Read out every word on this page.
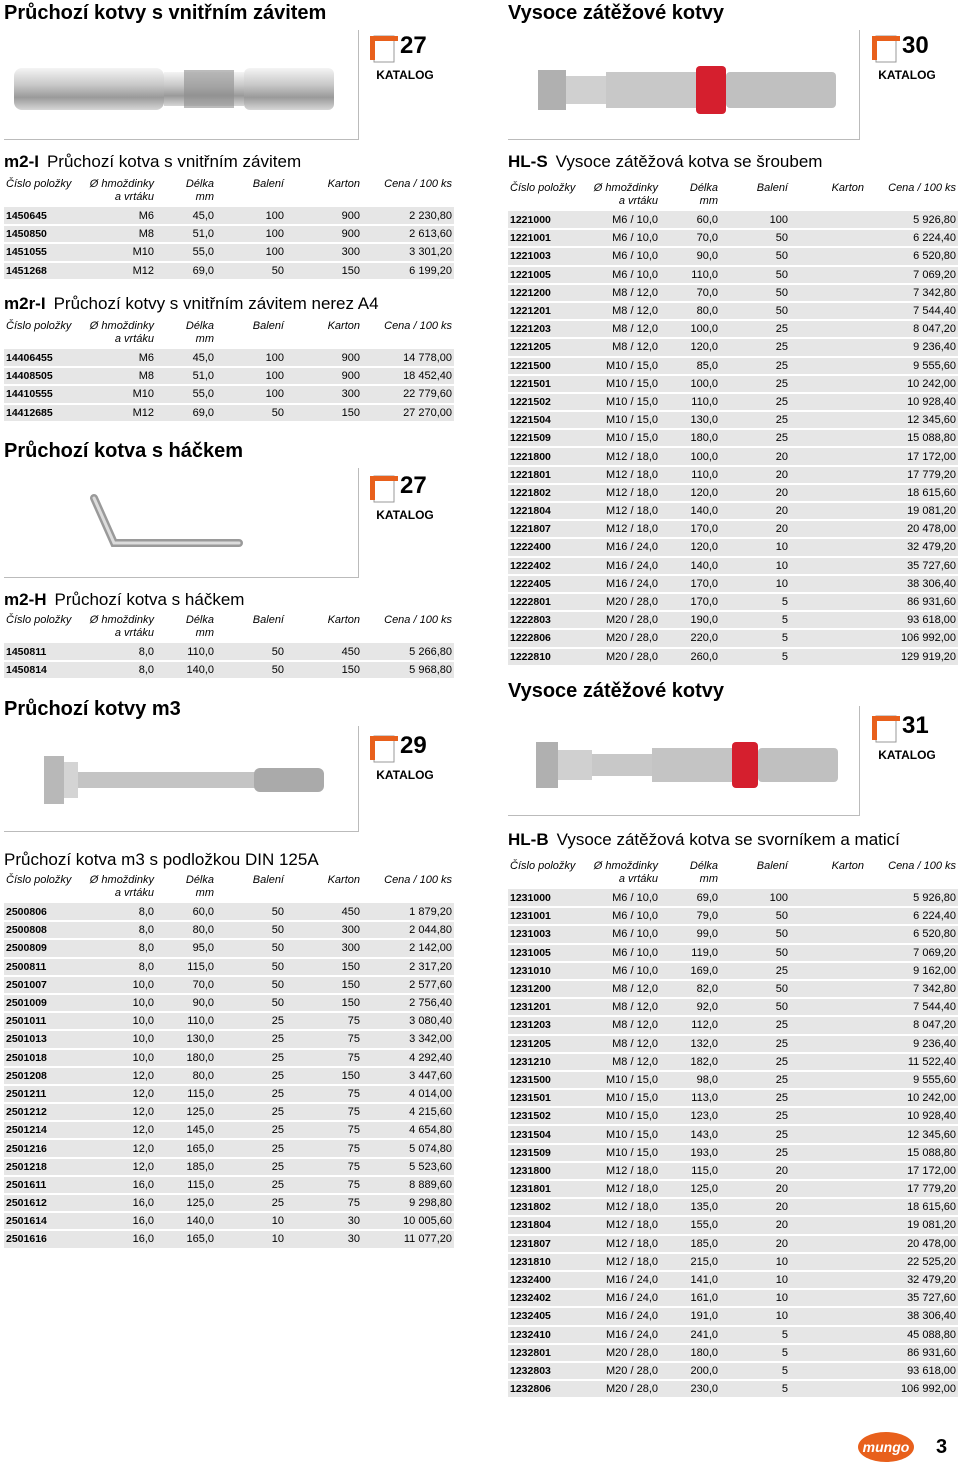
Průchozí kotvy s vnitřním závitem
27
KATALOG
m2-I Průchozí kotva s vnitřním závitem
Číslo položky	Ø hmoždinky
a vrtáku	Délka
mm	Balení	Karton	Cena / 100 ks
1450645	M6	45,0	100	900	2 230,80
1450850	M8	51,0	100	900	2 613,60
1451055	M10	55,0	100	300	3 301,20
1451268	M12	69,0	50	150	6 199,20
m2r-I Průchozí kotvy s vnitřním závitem nerez A4
Číslo položky	Ø hmoždinky
a vrtáku	Délka
mm	Balení	Karton	Cena / 100 ks
14406455	M6	45,0	100	900	14 778,00
14408505	M8	51,0	100	900	18 452,40
14410555	M10	55,0	100	300	22 779,60
14412685	M12	69,0	50	150	27 270,00
Průchozí kotva s háčkem
27
KATALOG
m2-H Průchozí kotva s háčkem
Číslo položky	Ø hmoždinky
a vrtáku	Délka
mm	Balení	Karton	Cena / 100 ks
1450811	8,0	110,0	50	450	5 266,80
1450814	8,0	140,0	50	150	5 968,80
Průchozí kotvy m3
29
KATALOG
Průchozí kotva m3 s podložkou DIN 125A
Číslo položky	Ø hmoždinky
a vrtáku	Délka
mm	Balení	Karton	Cena / 100 ks
2500806	8,0	60,0	50	450	1 879,20
2500808	8,0	80,0	50	300	2 044,80
2500809	8,0	95,0	50	300	2 142,00
2500811	8,0	115,0	50	150	2 317,20
2501007	10,0	70,0	50	150	2 577,60
2501009	10,0	90,0	50	150	2 756,40
2501011	10,0	110,0	25	75	3 080,40
2501013	10,0	130,0	25	75	3 342,00
2501018	10,0	180,0	25	75	4 292,40
2501208	12,0	80,0	25	150	3 447,60
2501211	12,0	115,0	25	75	4 014,00
2501212	12,0	125,0	25	75	4 215,60
2501214	12,0	145,0	25	75	4 654,80
2501216	12,0	165,0	25	75	5 074,80
2501218	12,0	185,0	25	75	5 523,60
2501611	16,0	115,0	25	75	8 889,60
2501612	16,0	125,0	25	75	9 298,80
2501614	16,0	140,0	10	30	10 005,60
2501616	16,0	165,0	10	30	11 077,20
Vysoce zátěžové kotvy
30
KATALOG
HL-S Vysoce zátěžová kotva se šroubem
Číslo položky	Ø hmoždinky
a vrtáku	Délka
mm	Balení	Karton	Cena / 100 ks
1221000	M6 / 10,0	60,0	100		5 926,80
1221001	M6 / 10,0	70,0	50		6 224,40
1221003	M6 / 10,0	90,0	50		6 520,80
1221005	M6 / 10,0	110,0	50		7 069,20
1221200	M8 / 12,0	70,0	50		7 342,80
1221201	M8 / 12,0	80,0	50		7 544,40
1221203	M8 / 12,0	100,0	25		8 047,20
1221205	M8 / 12,0	120,0	25		9 236,40
1221500	M10 / 15,0	85,0	25		9 555,60
1221501	M10 / 15,0	100,0	25		10 242,00
1221502	M10 / 15,0	110,0	25		10 928,40
1221504	M10 / 15,0	130,0	25		12 345,60
1221509	M10 / 15,0	180,0	25		15 088,80
1221800	M12 / 18,0	100,0	20		17 172,00
1221801	M12 / 18,0	110,0	20		17 779,20
1221802	M12 / 18,0	120,0	20		18 615,60
1221804	M12 / 18,0	140,0	20		19 081,20
1221807	M12 / 18,0	170,0	20		20 478,00
1222400	M16 / 24,0	120,0	10		32 479,20
1222402	M16 / 24,0	140,0	10		35 727,60
1222405	M16 / 24,0	170,0	10		38 306,40
1222801	M20 / 28,0	170,0	5		86 931,60
1222803	M20 / 28,0	190,0	5		93 618,00
1222806	M20 / 28,0	220,0	5		106 992,00
1222810	M20 / 28,0	260,0	5		129 919,20
Vysoce zátěžové kotvy
31
KATALOG
HL-B Vysoce zátěžová kotva se svorníkem a maticí
Číslo položky	Ø hmoždinky
a vrtáku	Délka
mm	Balení	Karton	Cena / 100 ks
1231000	M6 / 10,0	69,0	100		5 926,80
1231001	M6 / 10,0	79,0	50		6 224,40
1231003	M6 / 10,0	99,0	50		6 520,80
1231005	M6 / 10,0	119,0	50		7 069,20
1231010	M6 / 10,0	169,0	25		9 162,00
1231200	M8 / 12,0	82,0	50		7 342,80
1231201	M8 / 12,0	92,0	50		7 544,40
1231203	M8 / 12,0	112,0	25		8 047,20
1231205	M8 / 12,0	132,0	25		9 236,40
1231210	M8 / 12,0	182,0	25		11 522,40
1231500	M10 / 15,0	98,0	25		9 555,60
1231501	M10 / 15,0	113,0	25		10 242,00
1231502	M10 / 15,0	123,0	25		10 928,40
1231504	M10 / 15,0	143,0	25		12 345,60
1231509	M10 / 15,0	193,0	25		15 088,80
1231800	M12 / 18,0	115,0	20		17 172,00
1231801	M12 / 18,0	125,0	20		17 779,20
1231802	M12 / 18,0	135,0	20		18 615,60
1231804	M12 / 18,0	155,0	20		19 081,20
1231807	M12 / 18,0	185,0	20		20 478,00
1231810	M12 / 18,0	215,0	10		22 525,20
1232400	M16 / 24,0	141,0	10		32 479,20
1232402	M16 / 24,0	161,0	10		35 727,60
1232405	M16 / 24,0	191,0	10		38 306,40
1232410	M16 / 24,0	241,0	5		45 088,80
1232801	M20 / 28,0	180,0	5		86 931,60
1232803	M20 / 28,0	200,0	5		93 618,00
1232806	M20 / 28,0	230,0	5		106 992,00
mungo 3
